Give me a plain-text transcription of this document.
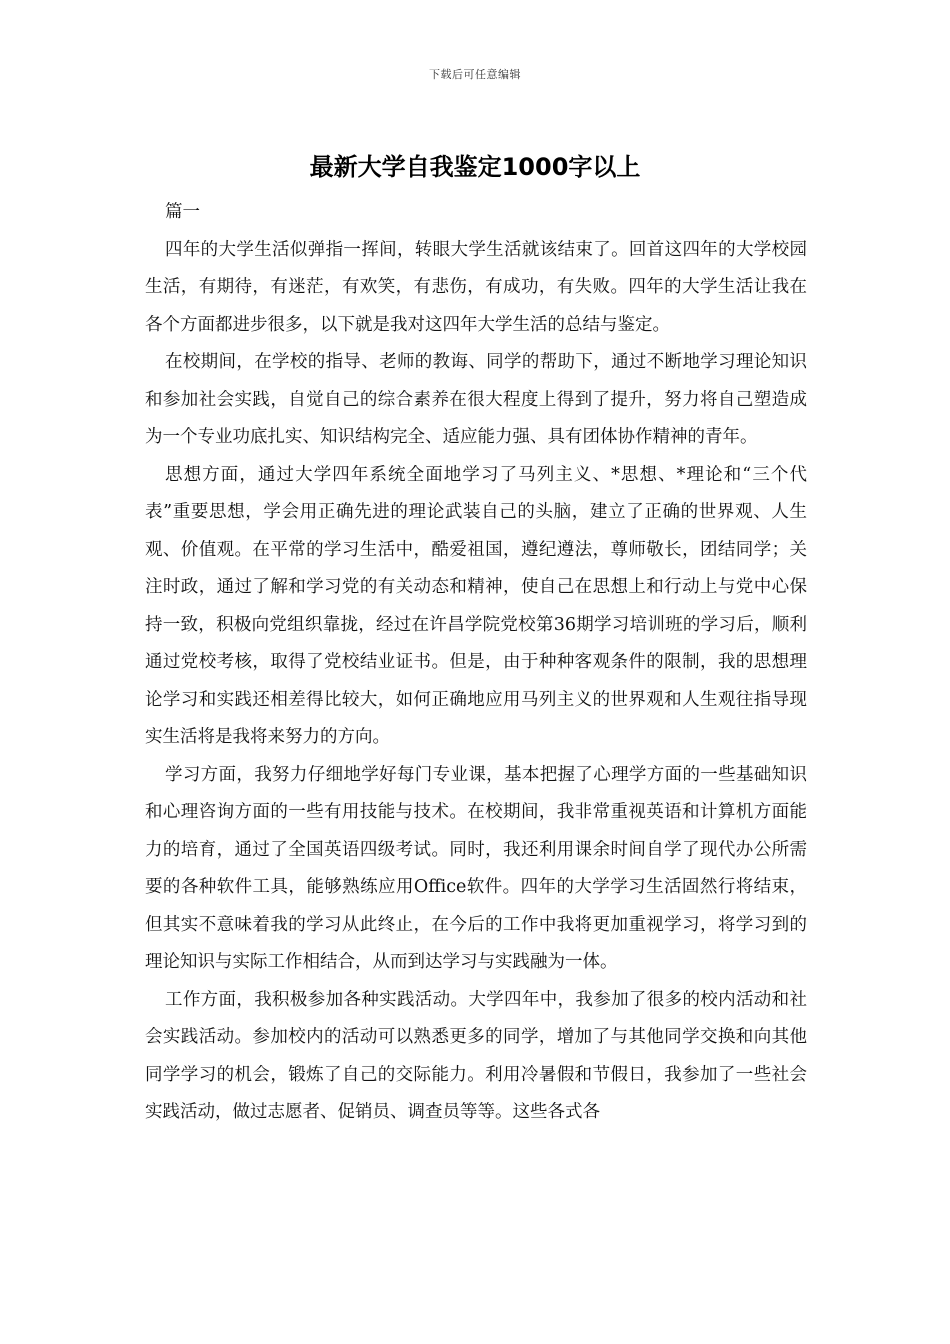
下载后可任意编辑
最新大学自我鉴定1000字以上

篇一

四年的大学生活似弹指一挥间，转眼大学生活就该结束了。回首这四年的大学校园生活，有期待，有迷茫，有欢笑，有悲伤，有成功，有失败。四年的大学生活让我在各个方面都进步很多，以下就是我对这四年大学生活的总结与鉴定。

在校期间，在学校的指导、老师的教诲、同学的帮助下，通过不断地学习理论知识和参加社会实践，自觉自己的综合素养在很大程度上得到了提升，努力将自己塑造成为一个专业功底扎实、知识结构完全、适应能力强、具有团体协作精神的青年。

思想方面，通过大学四年系统全面地学习了马列主义、*思想、*理论和“三个代表”重要思想，学会用正确先进的理论武装自己的头脑，建立了正确的世界观、人生观、价值观。在平常的学习生活中，酷爱祖国，遵纪遵法，尊师敬长，团结同学；关注时政，通过了解和学习党的有关动态和精神，使自己在思想上和行动上与党中心保持一致，积极向党组织靠拢，经过在许昌学院党校第36期学习培训班的学习后，顺利通过党校考核，取得了党校结业证书。但是，由于种种客观条件的限制，我的思想理论学习和实践还相差得比较大，如何正确地应用马列主义的世界观和人生观往指导现实生活将是我将来努力的方向。

学习方面，我努力仔细地学好每门专业课，基本把握了心理学方面的一些基础知识和心理咨询方面的一些有用技能与技术。在校期间，我非常重视英语和计算机方面能力的培育，通过了全国英语四级考试。同时，我还利用课余时间自学了现代办公所需要的各种软件工具，能够熟练应用Office软件。四年的大学学习生活固然行将结束，但其实不意味着我的学习从此终止，在今后的工作中我将更加重视学习，将学习到的理论知识与实际工作相结合，从而到达学习与实践融为一体。

工作方面，我积极参加各种实践活动。大学四年中，我参加了很多的校内活动和社会实践活动。参加校内的活动可以熟悉更多的同学，增加了与其他同学交换和向其他同学学习的机会，锻炼了自己的交际能力。利用冷暑假和节假日，我参加了一些社会实践活动，做过志愿者、促销员、调查员等等。这些各式各
